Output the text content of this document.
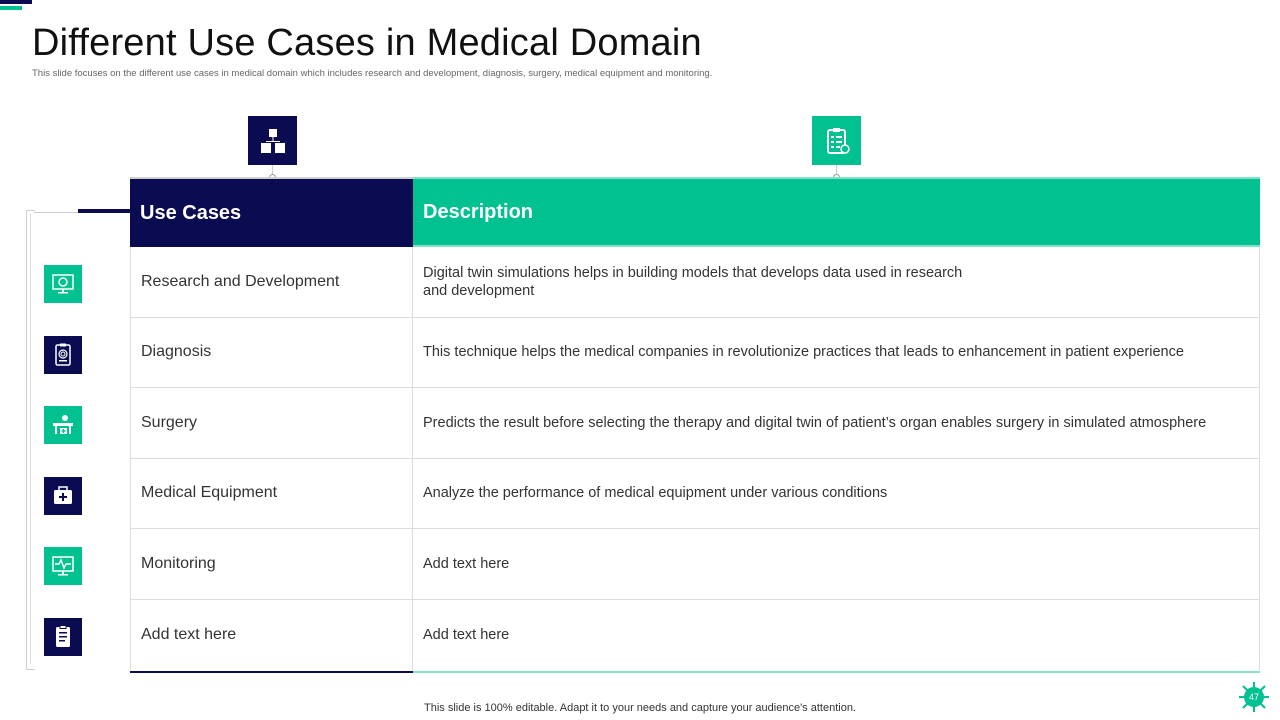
Different Use Cases in Medical Domain

This slide focuses on the different use cases in medical domain which includes research and development, diagnosis, surgery, medical equipment and monitoring.

Use Cases	Description
Research and Development	Digital twin simulations helps in building models that develops data used in research and development
Diagnosis	This technique helps the medical companies in revolutionize practices that leads to enhancement in patient experience
Surgery	Predicts the result before selecting the therapy and digital twin of patient’s organ enables surgery in simulated atmosphere
Medical Equipment	Analyze the performance of medical equipment under various conditions
Monitoring	Add text here
Add text here	Add text here
This slide is 100% editable. Adapt it to your needs and capture your audience's attention.
47
